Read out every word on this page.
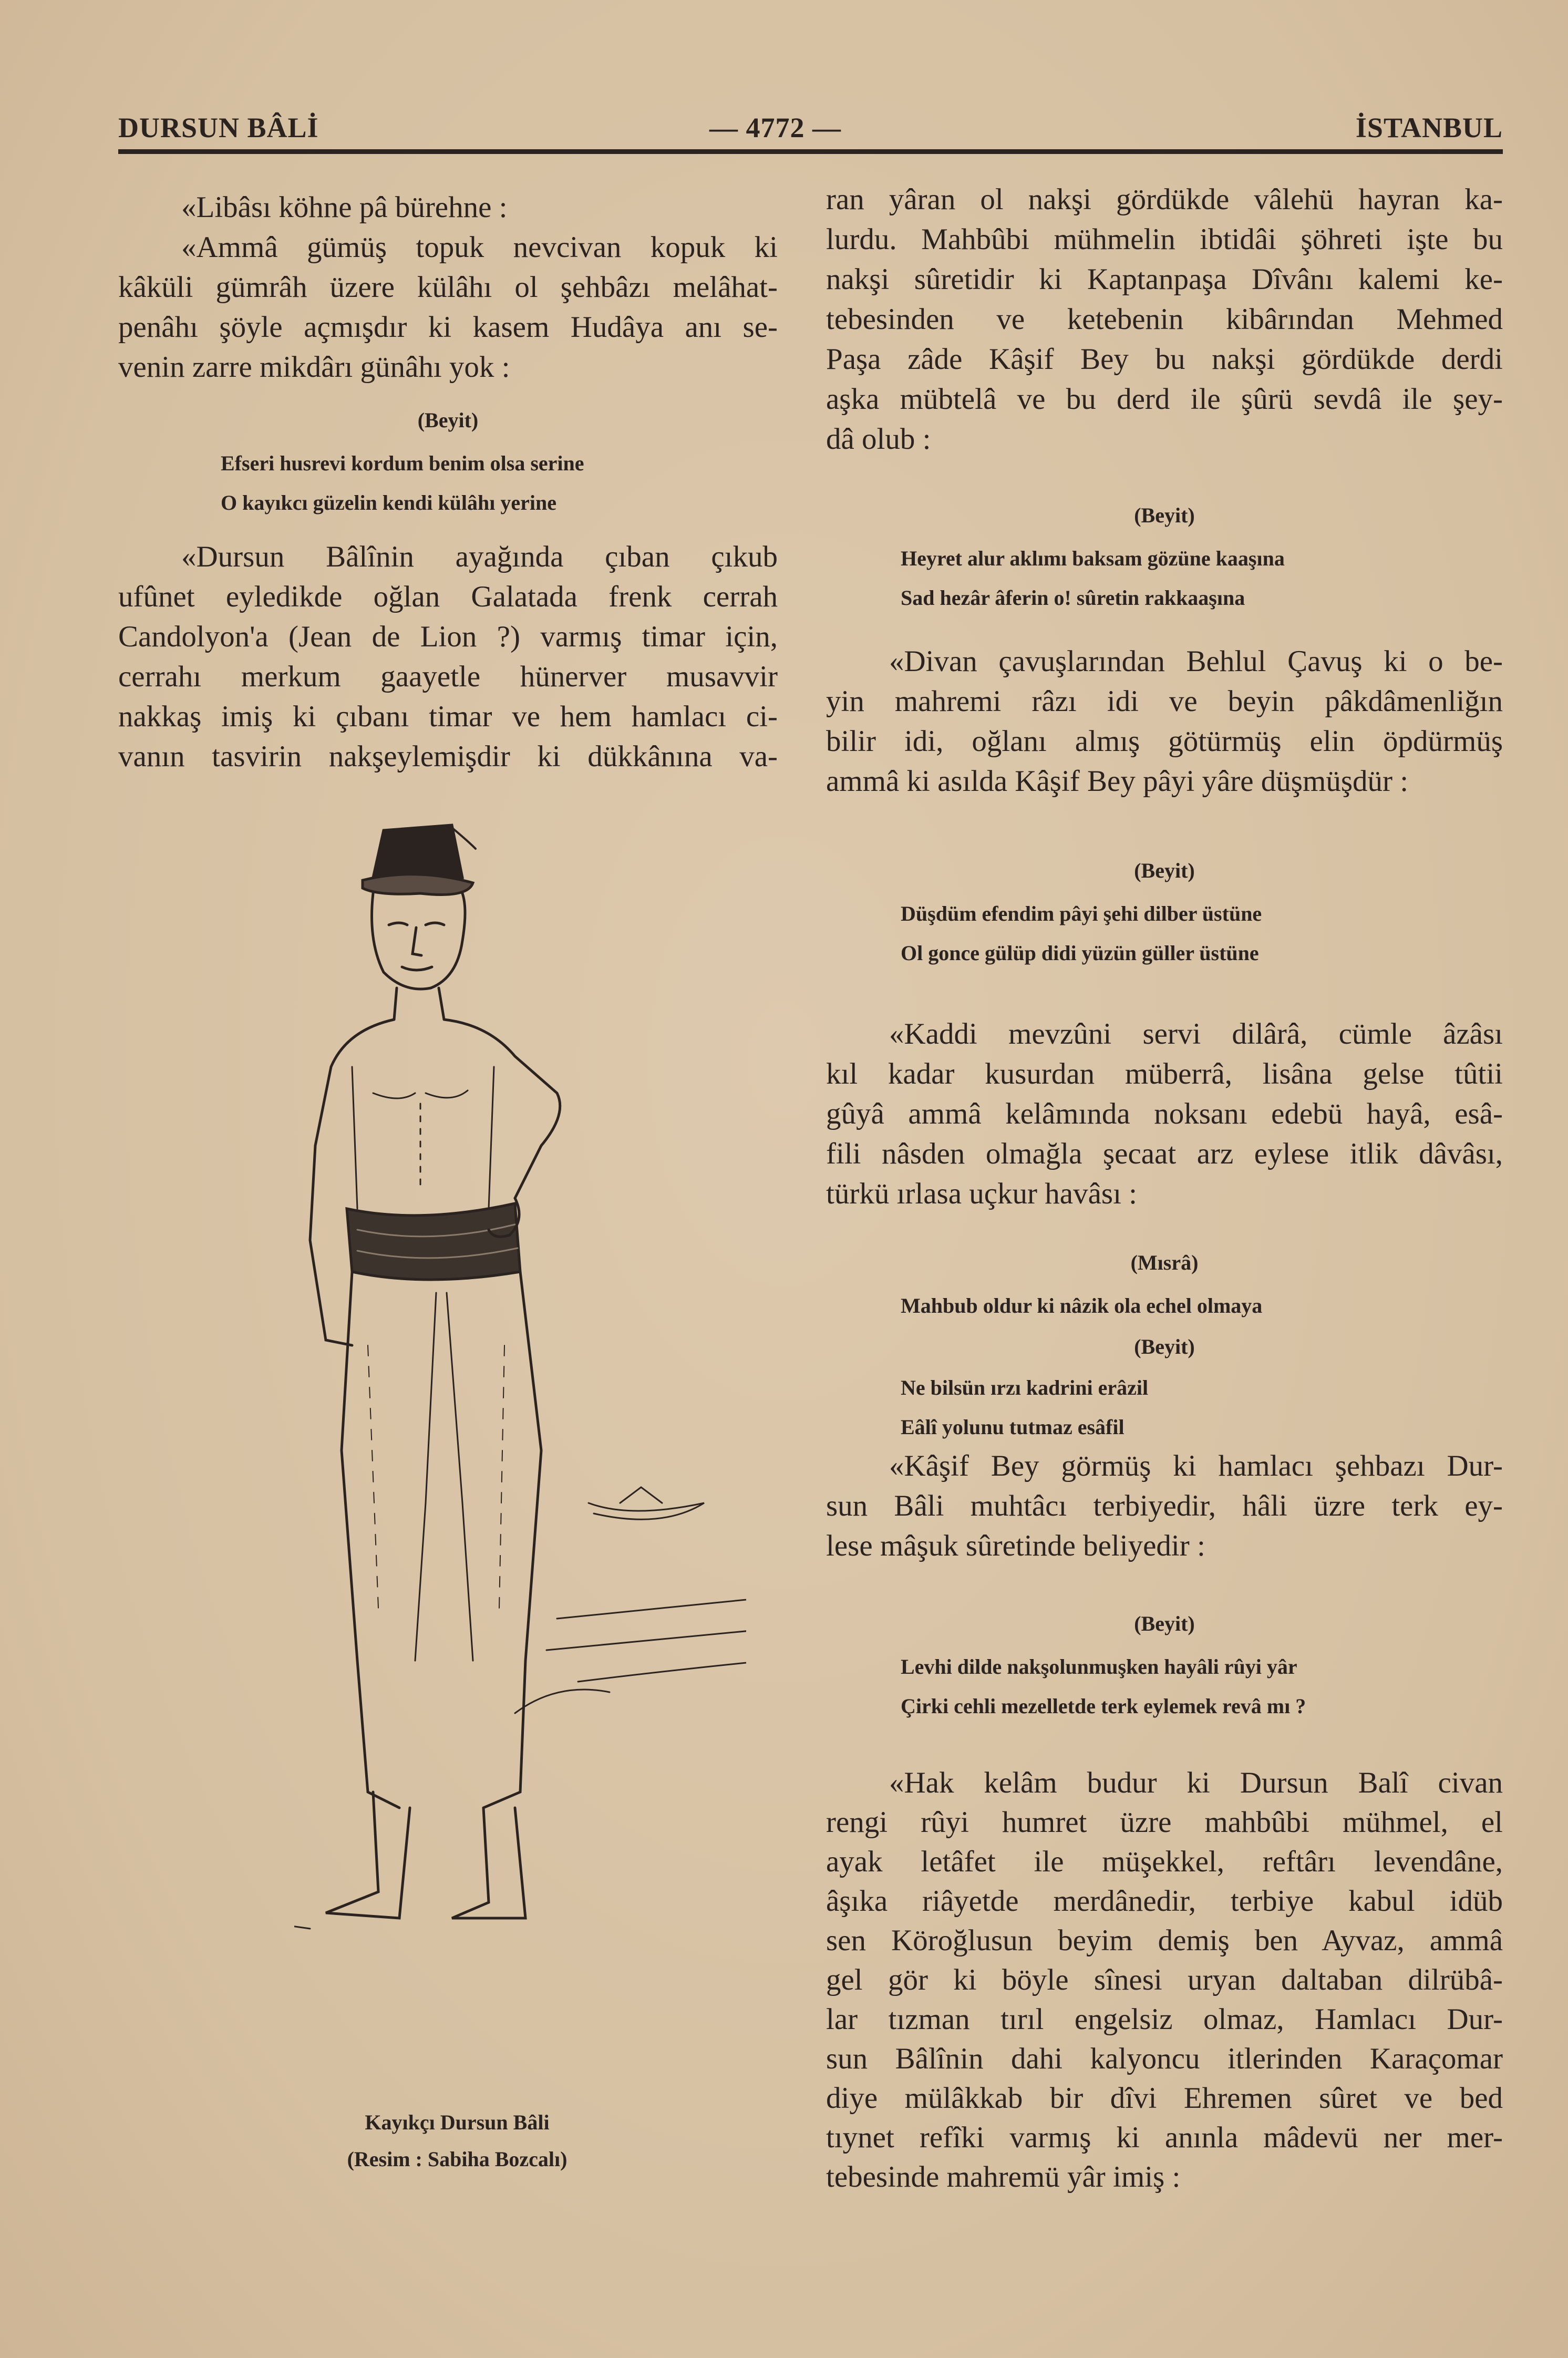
DURSUN BÂLİ	— 4772 —	İSTANBUL
«Libâsı köhne pâ bürehne :
«Ammâ gümüş topuk nevcivan kopuk ki
kâküli gümrâh üzere külâhı ol şehbâzı melâhat-
penâhı şöyle açmışdır ki kasem Hudâya anı se-
venin zarre mikdârı günâhı yok :
(Beyit)
Efseri husrevi kordum benim olsa serine
O kayıkcı güzelin kendi külâhı yerine
«Dursun Bâlînin ayağında çıban çıkub
ufûnet eyledikde oğlan Galatada frenk cerrah
Candolyon'a (Jean de Lion ?) varmış timar için,
cerrahı merkum gaayetle hünerver musavvir
nakkaş imiş ki çıbanı timar ve hem hamlacı ci-
vanın tasvirin nakşeylemişdir ki dükkânına va-
Kayıkçı Dursun Bâli
(Resim : Sabiha Bozcalı)
ran yâran ol nakşi gördükde vâlehü hayran ka-
lurdu. Mahbûbi mühmelin ibtidâi şöhreti işte bu
nakşi sûretidir ki Kaptanpaşa Dîvânı kalemi ke-
tebesinden ve ketebenin kibârından Mehmed
Paşa zâde Kâşif Bey bu nakşi gördükde derdi
aşka mübtelâ ve bu derd ile şûrü sevdâ ile şey-
dâ olub :
(Beyit)
Heyret alur aklımı baksam gözüne kaaşına
Sad hezâr âferin o! sûretin rakkaaşına
«Divan çavuşlarından Behlul Çavuş ki o be-
yin mahremi râzı idi ve beyin pâkdâmenliğın
bilir idi, oğlanı almış götürmüş elin öpdürmüş
ammâ ki asılda Kâşif Bey pâyi yâre düşmüşdür :
(Beyit)
Düşdüm efendim pâyi şehi dilber üstüne
Ol gonce gülüp didi yüzün güller üstüne
«Kaddi mevzûni servi dilârâ, cümle âzâsı
kıl kadar kusurdan müberrâ, lisâna gelse tûtii
gûyâ ammâ kelâmında noksanı edebü hayâ, esâ-
fili nâsden olmağla şecaat arz eylese itlik dâvâsı,
türkü ırlasa uçkur havâsı :
(Mısrâ)
Mahbub oldur ki nâzik ola echel olmaya
(Beyit)
Ne bilsün ırzı kadrini erâzil
Eâlî yolunu tutmaz esâfil
«Kâşif Bey görmüş ki hamlacı şehbazı Dur-
sun Bâli muhtâcı terbiyedir, hâli üzre terk ey-
lese mâşuk sûretinde beliyedir :
(Beyit)
Levhi dilde nakşolunmuşken hayâli rûyi yâr
Çirki cehli mezelletde terk eylemek revâ mı ?
«Hak kelâm budur ki Dursun Balî civan
rengi rûyi humret üzre mahbûbi mühmel, el
ayak letâfet ile müşekkel, reftârı levendâne,
âşıka riâyetde merdânedir, terbiye kabul idüb
sen Köroğlusun beyim demiş ben Ayvaz, ammâ
gel gör ki böyle sînesi uryan daltaban dilrübâ-
lar tızman tırıl engelsiz olmaz, Hamlacı Dur-
sun Bâlînin dahi kalyoncu itlerinden Karaçomar
diye mülâkkab bir dîvi Ehremen sûret ve bed
tıynet refîki varmış ki anınla mâdevü ner mer-
tebesinde mahremü yâr imiş :
